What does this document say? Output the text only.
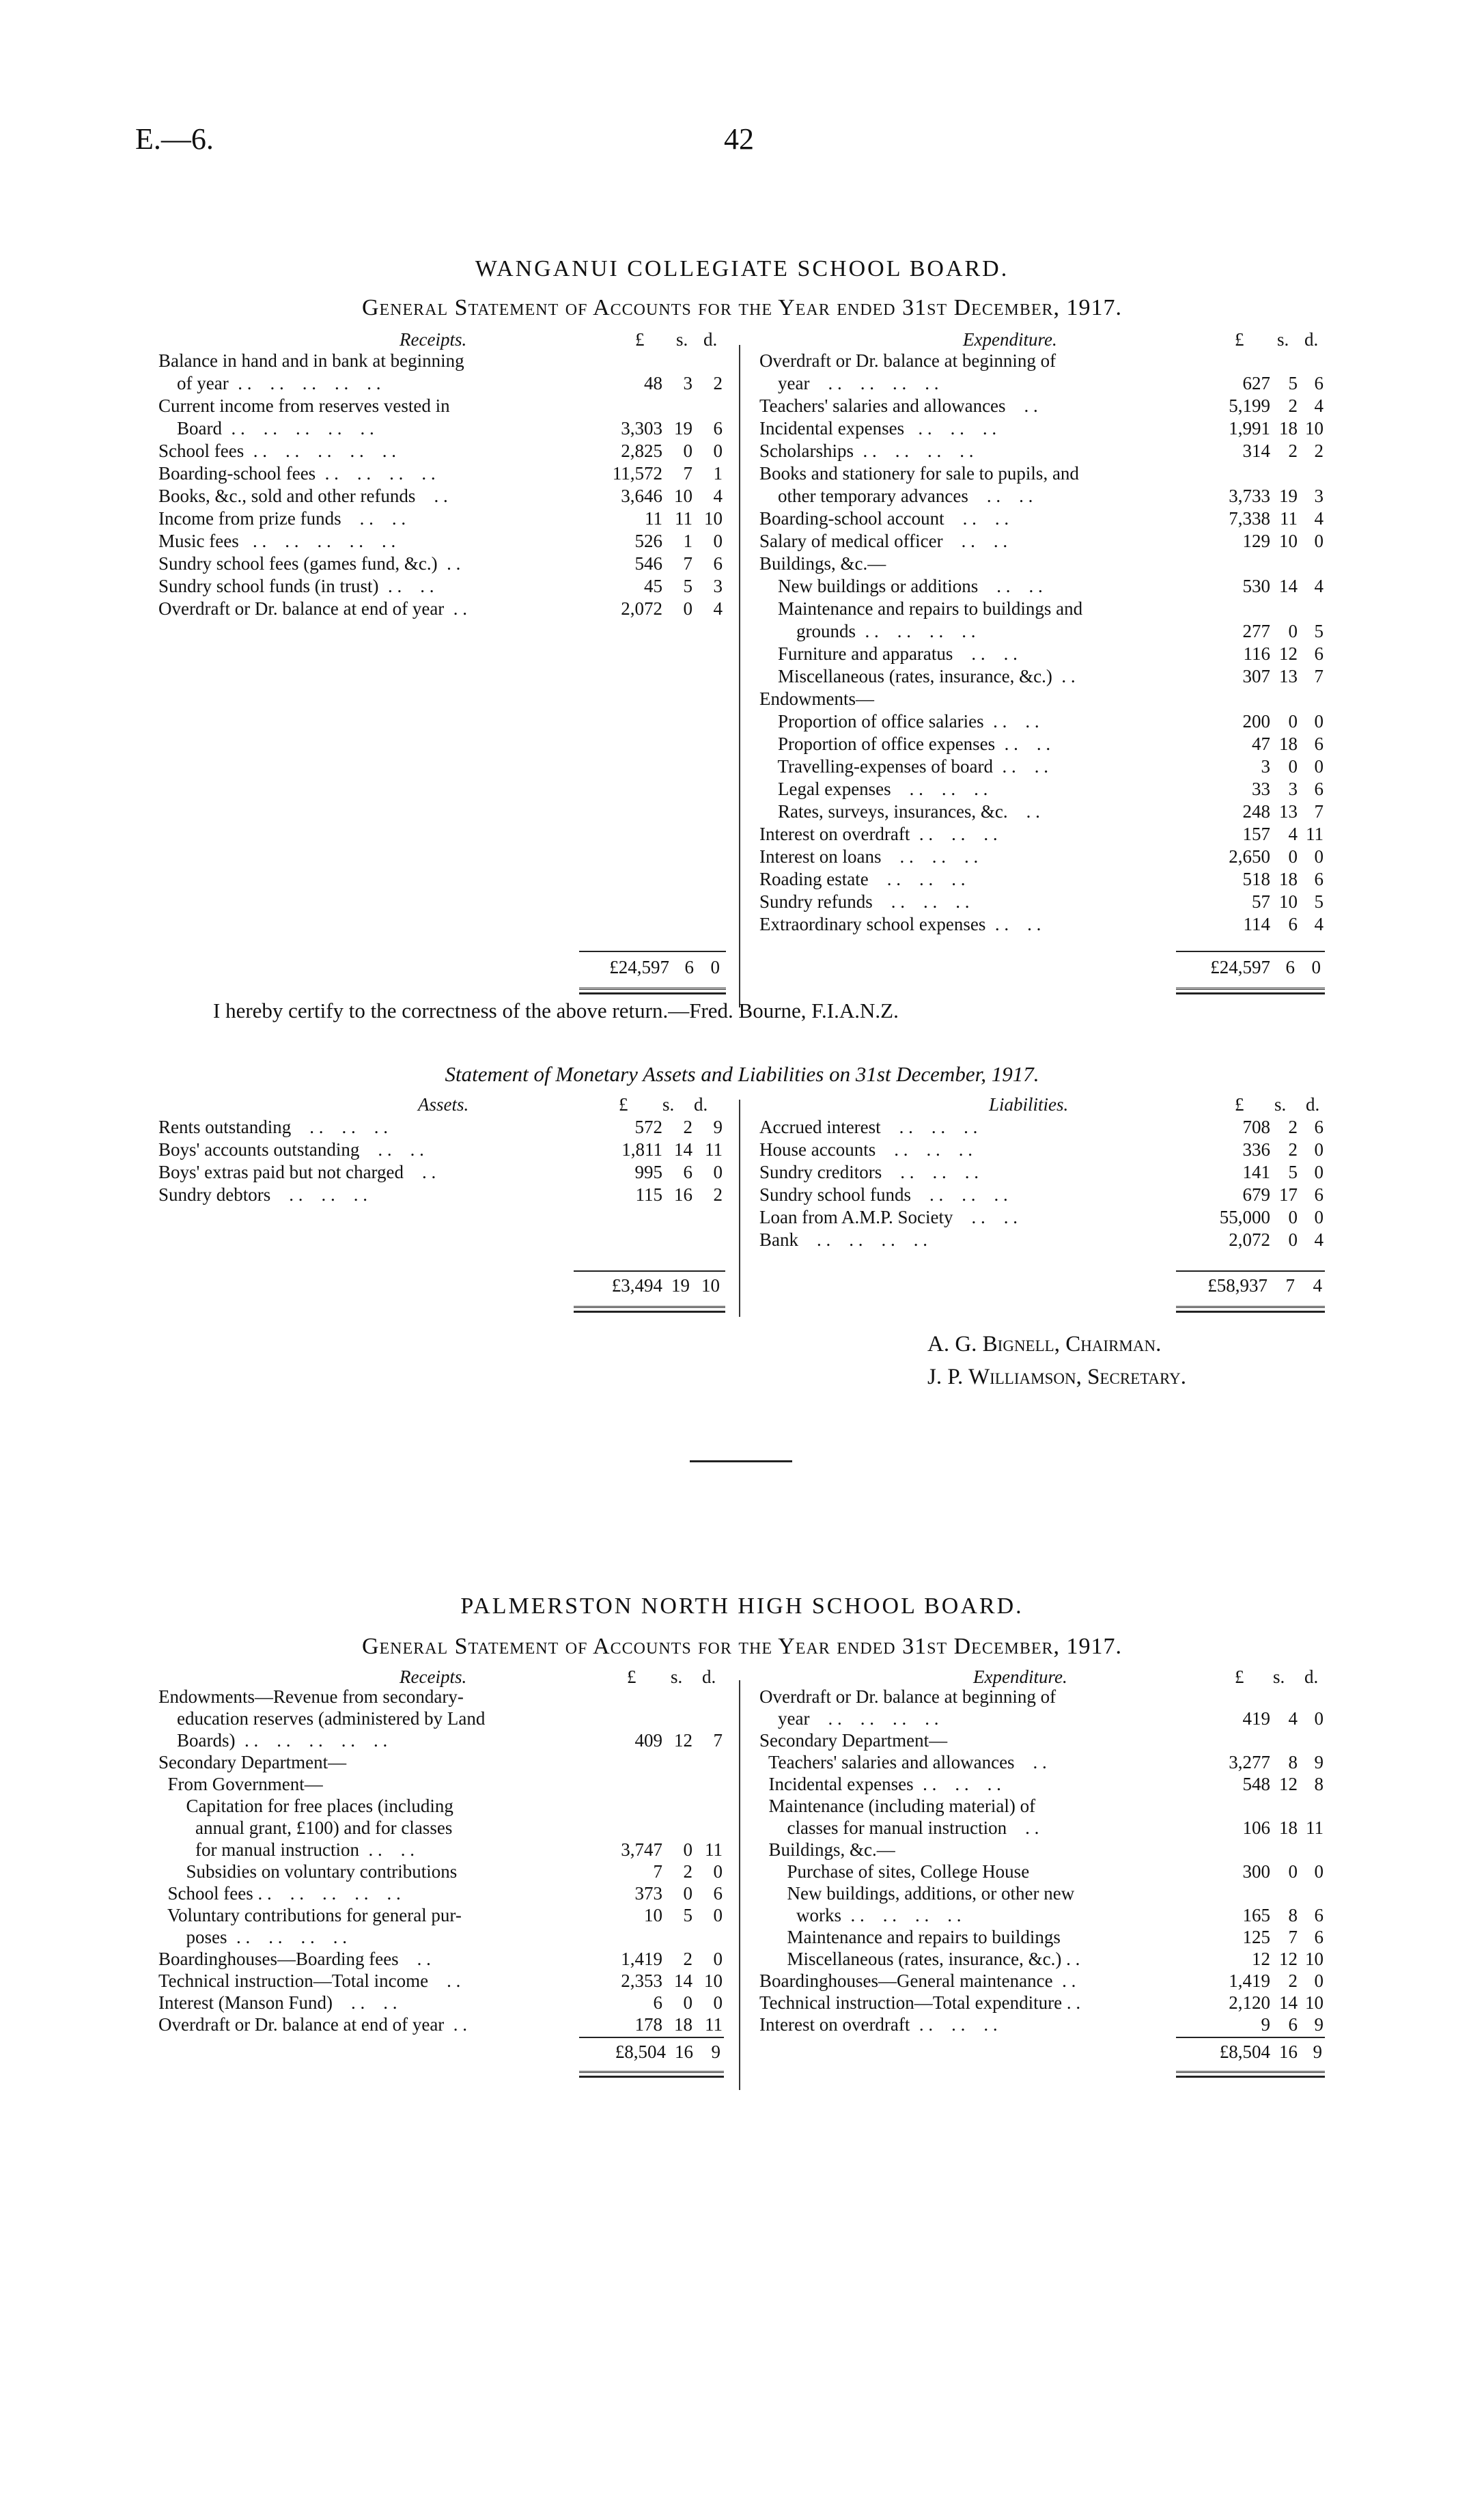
E.—6.	42
WANGANUI COLLEGIATE SCHOOL BOARD.
General Statement of Accounts for the Year ended 31st December, 1917.
Receipts.	£ s. d.	Expenditure.	£ s. d.
Balance in hand and in bank at beginning
of year  . .    . .    . .    . .    . .	48	3	2
Current income from reserves vested in
Board  . .    . .    . .    . .    . .	3,303 19	6
School fees  . .    . .    . .    . .    . .	2,825	0	0
Boarding-school fees  . .    . .    . .    . .	11,572	7	1
Books, &c., sold and other refunds    . .	3,646 10	4
Income from prize funds    . .    . .	11 11 10
Music fees   . .    . .    . .    . .    . .	526	1	0
Sundry school fees (games fund, &c.)  . .	546	7	6
Sundry school funds (in trust)  . .    . .	45	5	3
Overdraft or Dr. balance at end of year  . .	2,072	0	4
Overdraft or Dr. balance at beginning of
year    . .    . .    . .    . .	627 5 6
Teachers' salaries and allowances    . .	5,199 2 4
Incidental expenses   . .    . .    . .	1,991 18 10
Scholarships  . .    . .    . .    . .	314 2 2
Books and stationery for sale to pupils, and
other temporary advances    . .    . .	3,733 19 3
Boarding-school account    . .    . .	7,338 11 4
Salary of medical officer    . .    . .	129 10 0
Buildings, &c.—
New buildings or additions    . .    . .	530 14 4
Maintenance and repairs to buildings and
grounds  . .    . .    . .    . .	277 0 5
Furniture and apparatus    . .    . .	116 12 6
Miscellaneous (rates, insurance, &c.)  . .	307 13 7
Endowments—
Proportion of office salaries  . .    . .	200 0 0
Proportion of office expenses  . .    . .	47 18 6
Travelling-expenses of board  . .    . .	3 0 0
Legal expenses    . .    . .    . .	33 3 6
Rates, surveys, insurances, &c.    . .	248 13 7
Interest on overdraft  . .    . .    . .	157 4 11
Interest on loans    . .    . .    . .	2,650 0 0
Roading estate    . .    . .    . .	518 18 6
Sundry refunds    . .    . .    . .	57 10 5
Extraordinary school expenses  . .    . .	114 6 4
£24,597 6 0	£24,597 6 0
I hereby certify to the correctness of the above return.—Fred. Bourne, F.I.A.N.Z.
Statement of Monetary Assets and Liabilities on 31st December, 1917.
Assets.	£ s. d.	Liabilities.	£ s. d.
Rents outstanding    . .    . .    . .	572	2	9
Boys' accounts outstanding    . .    . .	1,811 14 11
Boys' extras paid but not charged    . .	995	6	0
Sundry debtors    . .    . .    . .	115 16	2
Accrued interest    . .    . .    . .	708 2 6
House accounts    . .    . .    . .	336 2 0
Sundry creditors    . .    . .    . .	141 5 0
Sundry school funds    . .    . .    . .	679 17 6
Loan from A.M.P. Society    . .    . .	55,000 0 0
Bank    . .    . .    . .    . .	2,072 0 4
£3,494 19 10	£58,937 7 4
A. G. Bignell, Chairman.
J. P. Williamson, Secretary.
PALMERSTON NORTH HIGH SCHOOL BOARD.
General Statement of Accounts for the Year ended 31st December, 1917.
Receipts.	£ s. d.	Expenditure.	£ s. d.
Endowments—Revenue from secondary-
education reserves (administered by Land
Boards)  . .    . .    . .    . .    . .	409 12	7
Secondary Department—
From Government—
Capitation for free places (including
annual grant, £100) and for classes
for manual instruction  . .    . .	3,747	0 11
Subsidies on voluntary contributions	7	2	0
School fees . .    . .    . .    . .    . .	373	0	6
Voluntary contributions for general pur-	10	5	0
poses  . .    . .    . .    . .
Boardinghouses—Boarding fees    . .	1,419	2	0
Technical instruction—Total income    . .	2,353 14 10
Interest (Manson Fund)    . .    . .	6	0	0
Overdraft or Dr. balance at end of year  . .	178 18 11
Overdraft or Dr. balance at beginning of
year    . .    . .    . .    . .	419 4 0
Secondary Department—
Teachers' salaries and allowances    . .	3,277 8 9
Incidental expenses  . .    . .    . .	548 12 8
Maintenance (including material) of
classes for manual instruction    . .	106 18 11
Buildings, &c.—
Purchase of sites, College House	300 0 0
New buildings, additions, or other new
works  . .    . .    . .    . .	165 8 6
Maintenance and repairs to buildings	125 7 6
Miscellaneous (rates, insurance, &c.) . .	12 12 10
Boardinghouses—General maintenance  . .	1,419 2 0
Technical instruction—Total expenditure . .	2,120 14 10
Interest on overdraft  . .    . .    . .	9 6 9
£8,504 16 9	£8,504 16 9
